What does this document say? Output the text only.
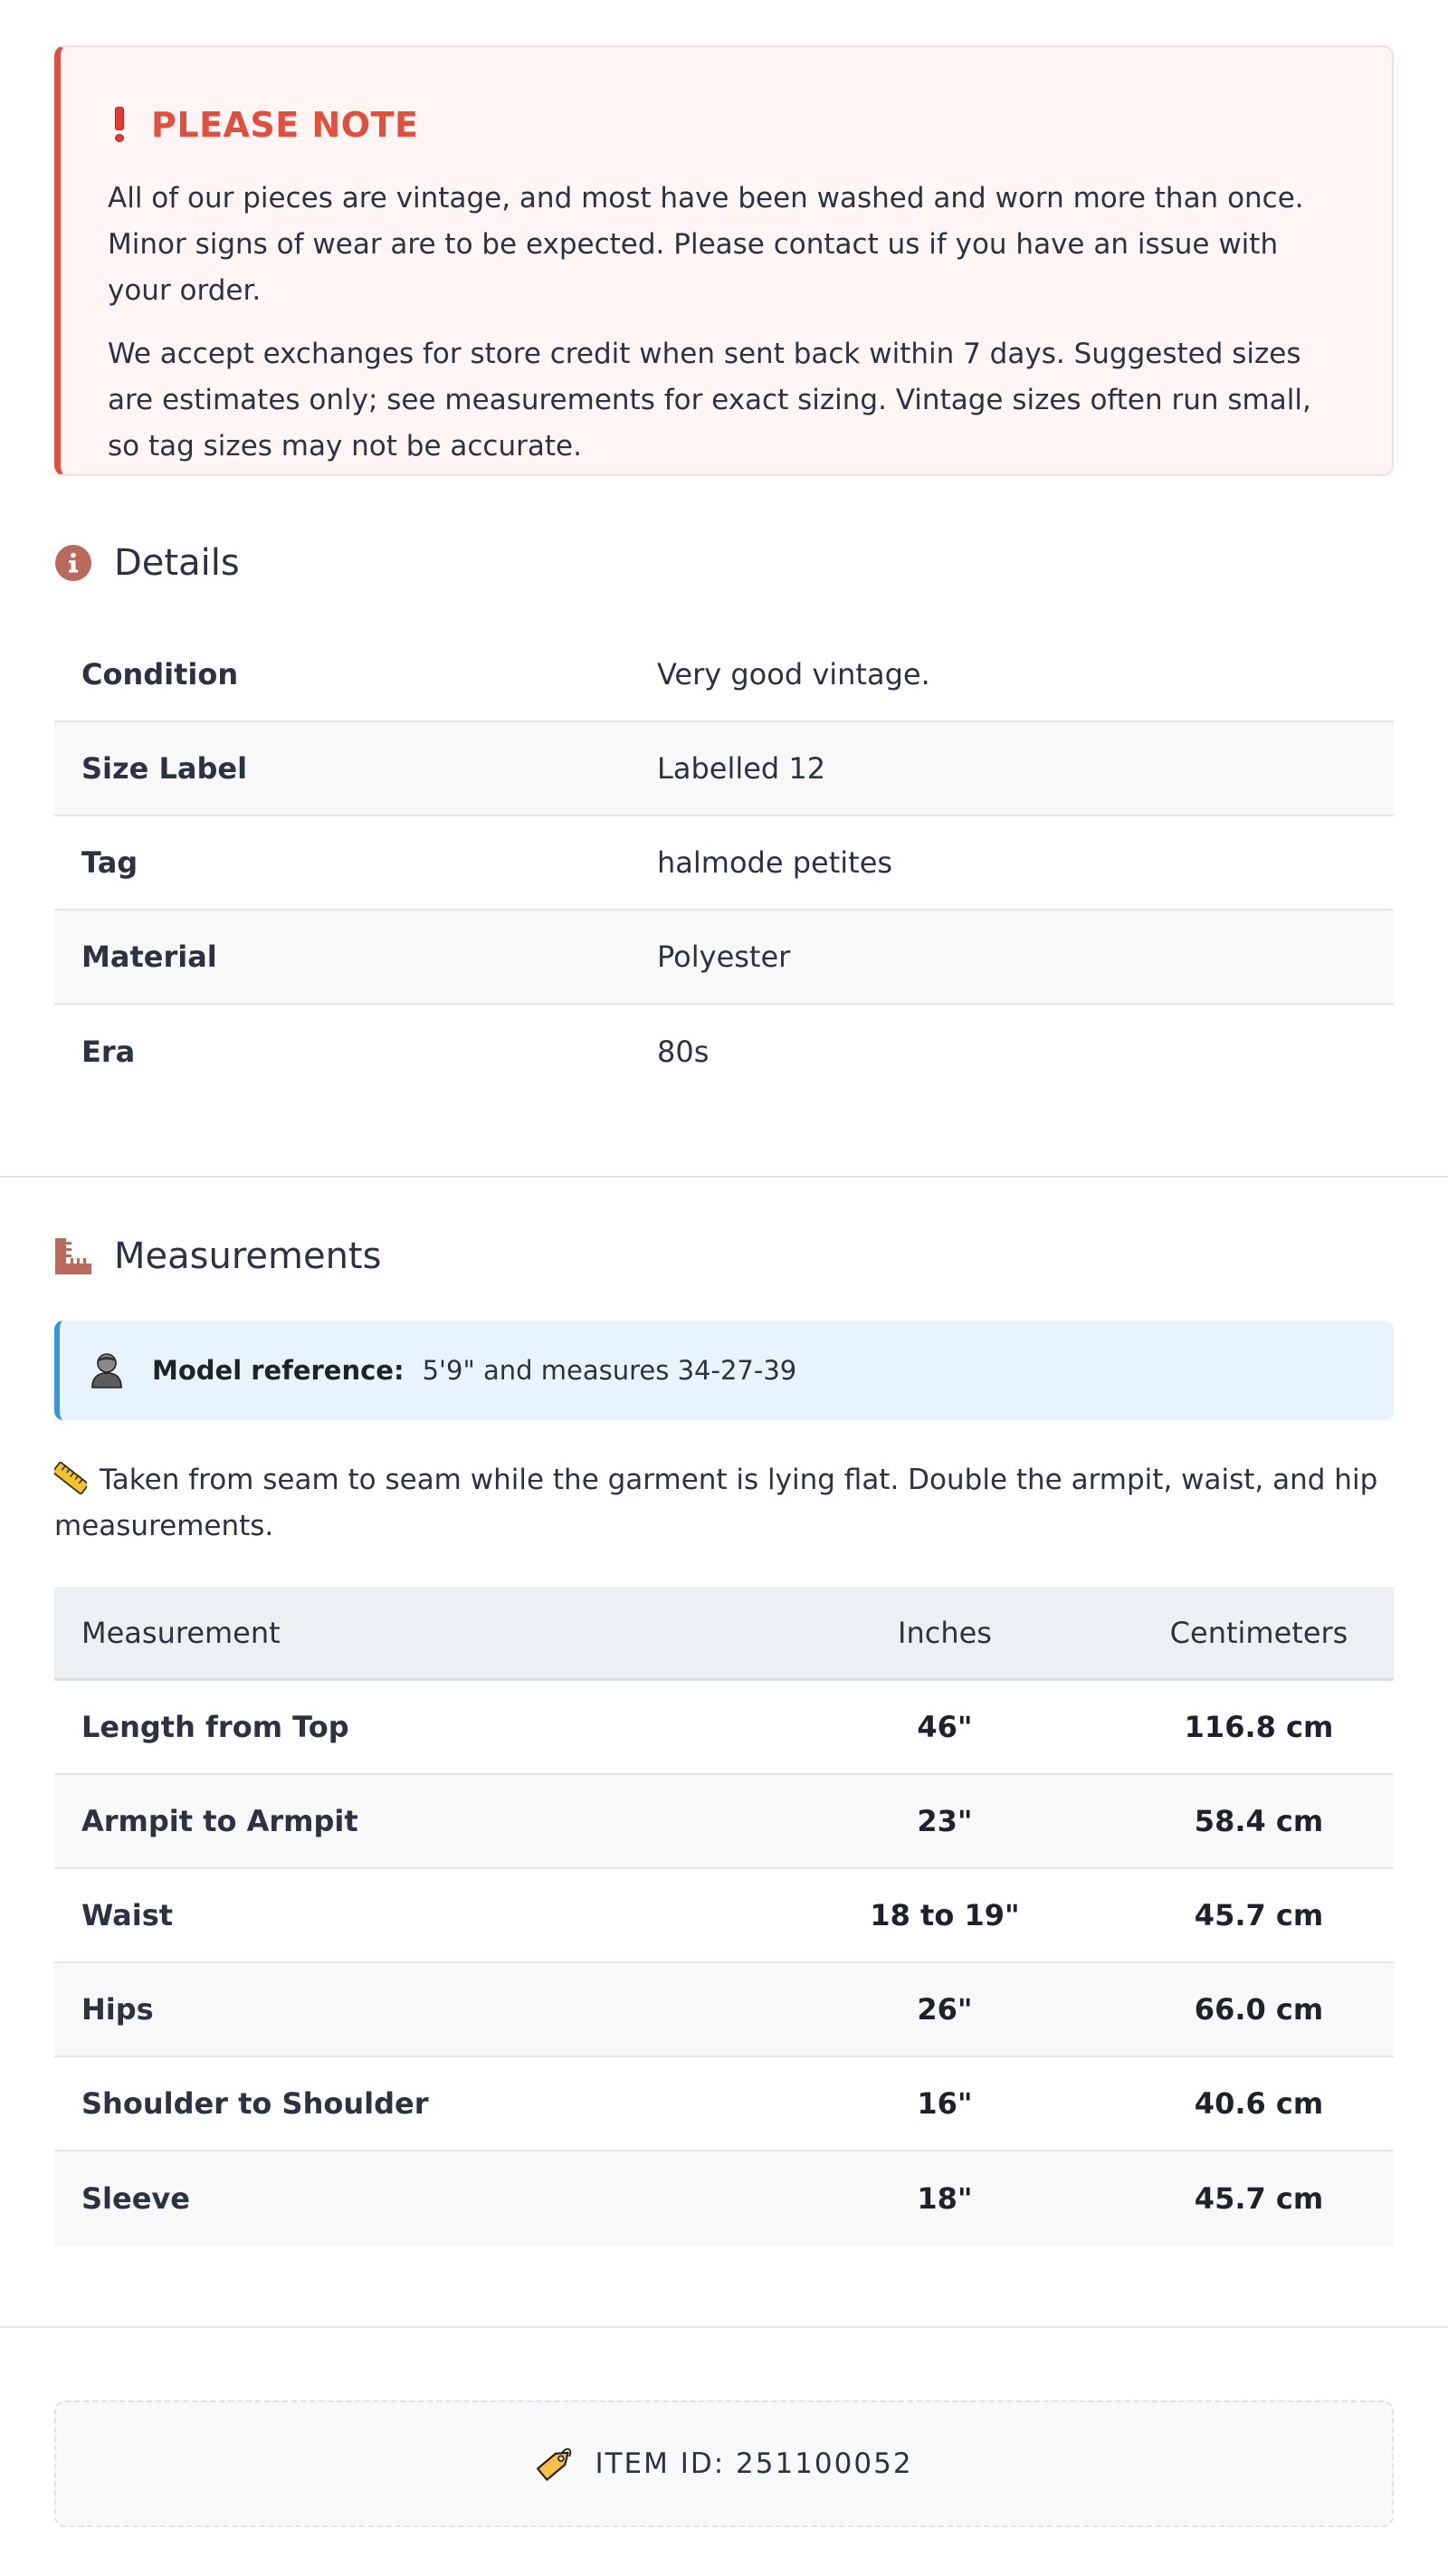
PLEASE NOTE

All of our pieces are vintage, and most have been washed and worn more than once. Minor signs of wear are to be expected. Please contact us if you have an issue with your order.

We accept exchanges for store credit when sent back within 7 days. Suggested sizes are estimates only; see measurements for exact sizing. Vintage sizes often run small, so tag sizes may not be accurate.

Details
Condition	Very good vintage.
Size Label	Labelled 12
Tag	halmode petites
Material	Polyester
Era	80s
Measurements
Model reference: 5'9" and measures 34-27-39
Taken from seam to seam while the garment is lying flat. Double the armpit, waist, and hip measurements.
Measurement	Inches	Centimeters
Length from Top	46"	116.8 cm
Armpit to Armpit	23"	58.4 cm
Waist	18 to 19"	45.7 cm
Hips	26"	66.0 cm
Shoulder to Shoulder	16"	40.6 cm
Sleeve	18"	45.7 cm
ITEM ID: 251100052
